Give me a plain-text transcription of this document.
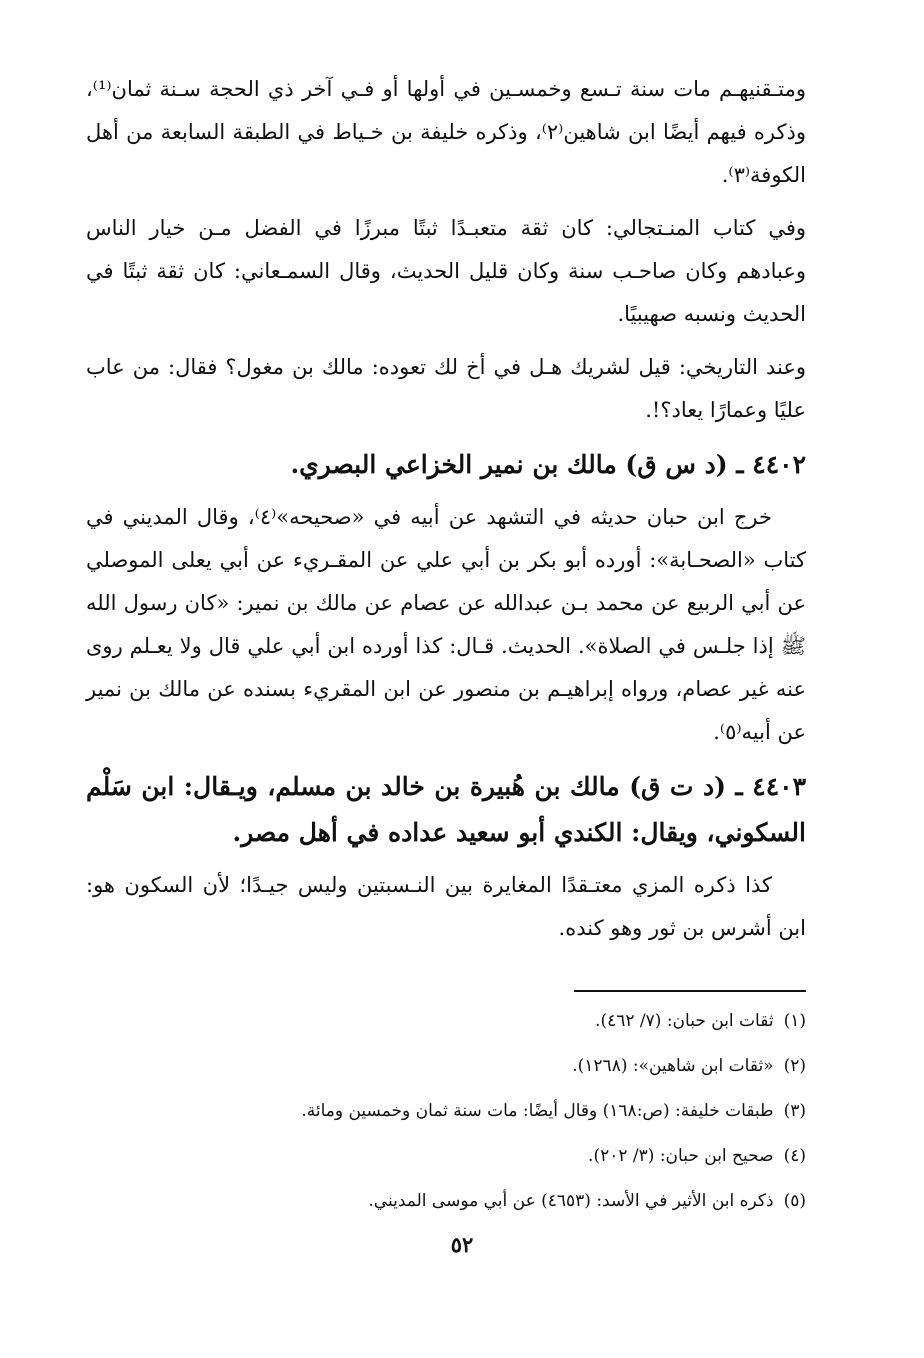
ومتـقنيهـم مات سنة تـسع وخمسـين في أولها أو فـي آخر ذي الحجة سـنة ثمان⁽¹⁾، وذكره فيهم أيضًا ابن شاهين⁽٢⁾، وذكره خليفة بن خـياط في الطبقة السابعة من أهل الكوفة⁽٣⁾.

وفي كتاب المنـتجالي: كان ثقة متعبـدًا ثبتًا مبرزًا في الفضل مـن خيار الناس وعبادهم وكان صاحـب سنة وكان قليل الحديث، وقال السمـعاني: كان ثقة ثبتًا في الحديث ونسبه صهيبيًا.

وعند التاريخي: قيل لشريك هـل في أخ لك تعوده: مالك بن مغول؟ فقال: من عاب عليًا وعمارًا يعاد؟!.

٤٤٠٢ ـ (د س ق) مالك بن نمير الخزاعي البصري.

خرج ابن حبان حديثه في التشهد عن أبيه في «صحيحه»⁽٤⁾، وقال المديني في كتاب «الصحـابة»: أورده أبو بكر بن أبي علي عن المقـريء عن أبي يعلى الموصلي عن أبي الربيع عن محمد بـن عبدالله عن عصام عن مالك بن نمير: «كان رسول الله ﷺ إذا جلـس في الصلاة». الحديث. قـال: كذا أورده ابن أبي علي قال ولا يعـلم روى عنه غير عصام، ورواه إبراهيـم بن منصور عن ابن المقريء بسنده عن مالك بن نمير عن أبيه⁽٥⁾.

٤٤٠٣ ـ (د ت ق) مالك بن هُبيرة بن خالد بن مسلم، ويـقال: ابن سَلْم السكوني، ويقال: الكندي أبو سعيد عداده في أهل مصر.

كذا ذكره المزي معتـقدًا المغايرة بين النـسبتين وليس جيـدًا؛ لأن السكون هو: ابن أشرس بن ثور وهو كنده.

(١)ثقات ابن حبان: (٧/ ٤٦٢).
(٢)«ثقات ابن شاهين»: (١٢٦٨).
(٣)طبقات خليفة: (ص:١٦٨) وقال أيضًا: مات سنة ثمان وخمسين ومائة.
(٤)صحيح ابن حبان: (٣/ ٢٠٢).
(٥)ذكره ابن الأثير في الأسد: (٤٦٥٣) عن أبي موسى المديني.
٥٢
